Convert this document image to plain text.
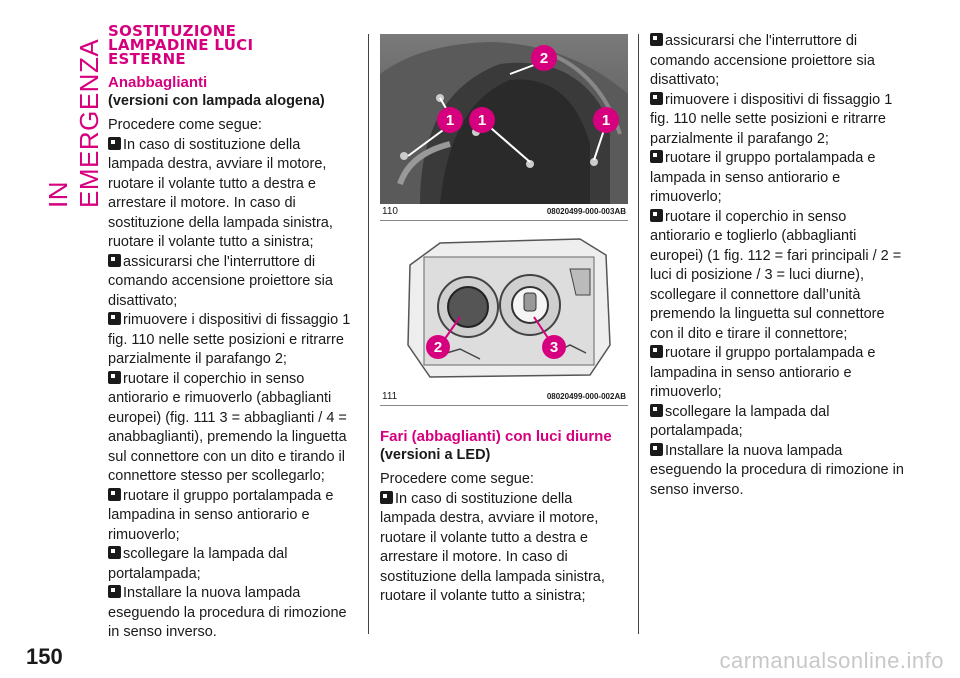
IN EMERGENZA
SOSTITUZIONE
LAMPADINE LUCI
ESTERNE
Anabbaglianti
(versioni con lampada alogena)
Procedere come segue:
In caso di sostituzione della lampada destra, avviare il motore, ruotare il volante tutto a destra e arrestare il motore. In caso di sostituzione della lampada sinistra, ruotare il volante tutto a sinistra;
assicurarsi che l'interruttore di comando accensione proiettore sia disattivato;
rimuovere i dispositivi di fissaggio 1 fig. 110 nelle sette posizioni e ritrarre parzialmente il parafango 2;
ruotare il coperchio in senso antiorario e rimuoverlo (abbaglianti europei) (fig. 111 3 = abbaglianti / 4 = anabbaglianti), premendo la linguetta sul connettore con un dito e tirando il connettore stesso per scollegarlo;
ruotare il gruppo portalampada e lampadina in senso antiorario e rimuoverlo;
scollegare la lampada dal portalampada;
Installare la nuova lampada eseguendo la procedura di rimozione in senso inverso.
1 1	1
2
110	08020499-000-003AB
2	3
111	08020499-000-002AB
Fari (abbaglianti) con luci diurne
(versioni a LED)
Procedere come segue:
In caso di sostituzione della lampada destra, avviare il motore, ruotare il volante tutto a destra e arrestare il motore. In caso di sostituzione della lampada sinistra, ruotare il volante tutto a sinistra;
assicurarsi che l'interruttore di comando accensione proiettore sia disattivato;
rimuovere i dispositivi di fissaggio 1 fig. 110 nelle sette posizioni e ritrarre parzialmente il parafango 2;
ruotare il gruppo portalampada e lampada in senso antiorario e rimuoverlo;
ruotare il coperchio in senso antiorario e toglierlo (abbaglianti europei) (1 fig. 112 = fari principali / 2 = luci di posizione / 3 = luci diurne), scollegare il connettore dall’unità premendo la linguetta sul connettore con il dito e tirare il connettore;
ruotare il gruppo portalampada e lampadina in senso antiorario e rimuoverlo;
scollegare la lampada dal portalampada;
Installare la nuova lampada eseguendo la procedura di rimozione in senso inverso.
150	carmanualsonline.info
